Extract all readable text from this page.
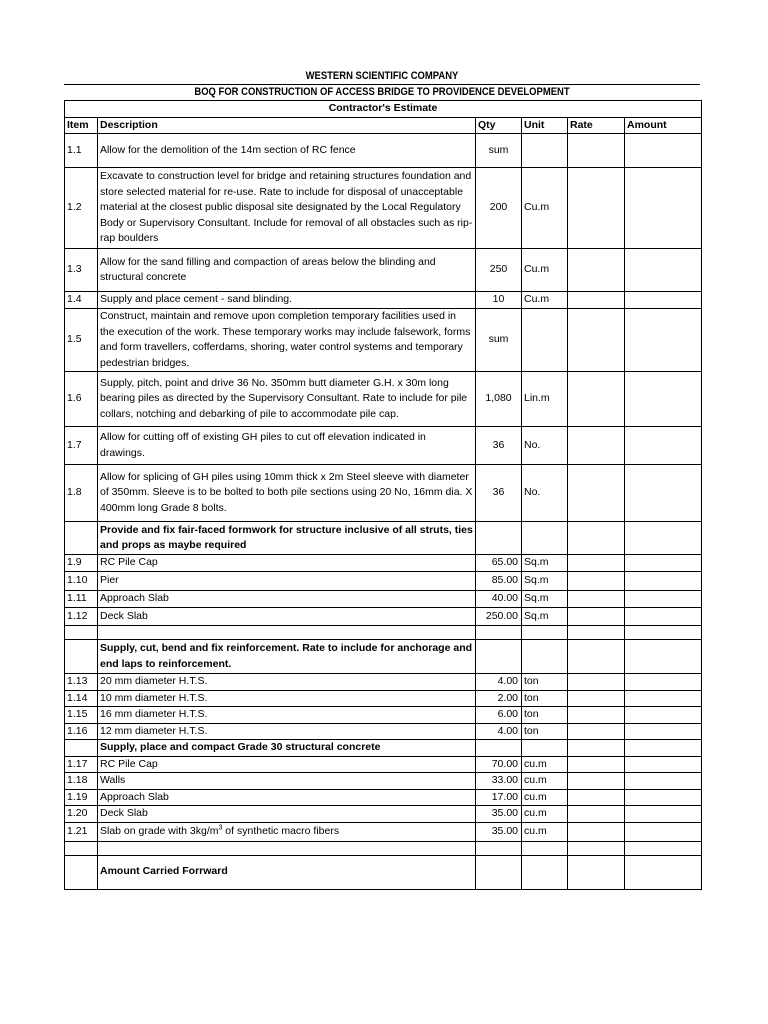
WESTERN SCIENTIFIC COMPANY
BOQ FOR CONSTRUCTION OF ACCESS BRIDGE TO PROVIDENCE DEVELOPMENT
Contractor's Estimate					
Item	Description	Qty	Unit	Rate	Amount
1.1	Allow for the demolition of the 14m section of RC fence	sum			
1.2	Excavate to construction level for bridge and retaining structures foundation and store selected material for re-use. Rate to include for disposal of unacceptable material at the closest public disposal site designated by the Local Regulatory Body or Supervisory Consultant. Include for removal of all obstacles such as rip-rap boulders	200	Cu.m		
1.3	Allow for the sand filling and compaction of areas below the blinding and structural concrete	250	Cu.m		
1.4	Supply and place cement - sand blinding.	10	Cu.m		
1.5	Construct, maintain and remove upon completion temporary facilities used in the execution of the work. These temporary works may include falsework, forms and form travellers, cofferdams, shoring, water control systems and temporary pedestrian bridges.	sum			
1.6	Supply, pitch, point and drive 36 No. 350mm butt diameter G.H. x 30m long bearing piles as directed by the Supervisory Consultant. Rate to include for pile collars, notching and debarking of pile to accommodate pile cap.	1,080	Lin.m		
1.7	Allow for cutting off of existing GH piles to cut off elevation indicated in drawings.	36	No.		
1.8	Allow for splicing of GH piles using 10mm thick x 2m Steel sleeve with diameter of 350mm. Sleeve is to be bolted to both pile sections using 20 No, 16mm dia. X 400mm long Grade 8 bolts.	36	No.		
	Provide and fix fair-faced formwork for structure inclusive of all struts, ties and props as maybe required				
1.9	RC Pile Cap	65.00	Sq.m		
1.10	Pier	85.00	Sq.m		
1.11	Approach Slab	40.00	Sq.m		
1.12	Deck Slab	250.00	Sq.m		

	Supply, cut, bend and fix reinforcement. Rate to include for anchorage and end laps to reinforcement.				
1.13	20 mm diameter H.T.S.	4.00	ton		
1.14	10 mm diameter H.T.S.	2.00	ton		
1.15	16 mm diameter H.T.S.	6.00	ton		
1.16	12 mm diameter H.T.S.	4.00	ton		
	Supply, place and compact Grade 30 structural concrete				
1.17	RC Pile Cap	70.00	cu.m		
1.18	Walls	33.00	cu.m		
1.19	Approach Slab	17.00	cu.m		
1.20	Deck Slab	35.00	cu.m		
1.21	Slab on grade with $3kg/m^3$ of synthetic macro fibers	35.00	cu.m		

	Amount Carried Forrward				
